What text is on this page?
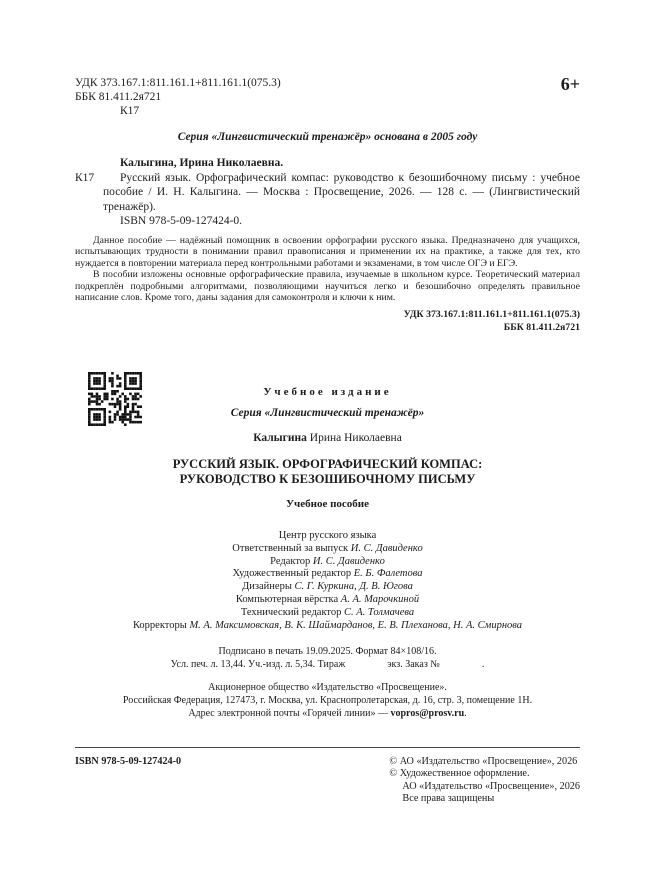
УДК 373.167.1:811.161.1+811.161.1(075.3)
ББК 81.411.2я721
К17
6+
Серия «Лингвистический тренажёр» основана в 2005 году
Калыгина, Ирина Николаевна.
К17	Русский язык. Орфографический компас: руководство к безошибочному письму : учебное пособие / И. Н. Калыгина. — Москва : Просвещение, 2026. — 128 с. — (Лингвистический тренажёр).
ISBN 978-5-09-127424-0.

Данное пособие — надёжный помощник в освоении орфографии русского языка. Предназначено для учащихся, испытывающих трудности в понимании правил правописания и применении их на практике, а также для тех, кто нуждается в повторении материала перед контрольными работами и экзаменами, в том числе ОГЭ и ЕГЭ.

В пособии изложены основные орфографические правила, изучаемые в школьном курсе. Теоретический материал подкреплён подробными алгоритмами, позволяющими научиться легко и безошибочно определять правильное написание слов. Кроме того, даны задания для самоконтроля и ключи к ним.

УДК 373.167.1:811.161.1+811.161.1(075.3)
ББК 81.411.2я721
Учебное издание
Серия «Лингвистический тренажёр»
Калыгина Ирина Николаевна
РУССКИЙ ЯЗЫК. ОРФОГРАФИЧЕСКИЙ КОМПАС:
РУКОВОДСТВО К БЕЗОШИБОЧНОМУ ПИСЬМУ
Учебное пособие
Центр русского языка
Ответственный за выпуск И. С. Давиденко
Редактор И. С. Давиденко
Художественный редактор Е. Б. Фалетова
Дизайнеры С. Г. Куркина, Д. В. Югова
Компьютерная вёрстка А. А. Марочкиной
Технический редактор С. А. Толмачева
Корректоры М. А. Максимовская, В. К. Шаймарданов, Е. В. Плеханова, Н. А. Смирнова
Подписано в печать 19.09.2025. Формат 84×108/16.
Усл. печ. л. 13,44. Уч.-изд. л. 5,34. Тираж	экз. Заказ №	.
Акционерное общество «Издательство «Просвещение».
Российская Федерация, 127473, г. Москва, ул. Краснопролетарская, д. 16, стр. 3, помещение 1Н.
Адрес электронной почты «Горячей линии» — vopros@prosv.ru.
ISBN 978-5-09-127424-0	© АО «Издательство «Просвещение», 2026
© Художественное оформление.
АО «Издательство «Просвещение», 2026
Все права защищены
